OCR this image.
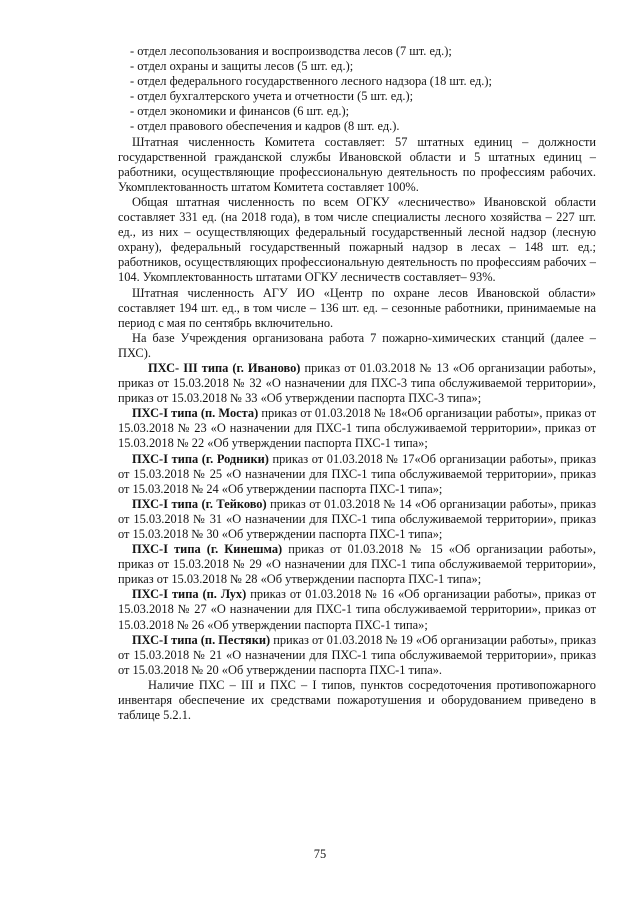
- отдел лесопользования и воспроизводства лесов (7 шт. ед.);

- отдел охраны и защиты лесов (5 шт. ед.);

- отдел федерального государственного лесного надзора (18 шт. ед.);

- отдел бухгалтерского учета и отчетности (5 шт. ед.);

- отдел экономики и финансов (6 шт. ед.);

- отдел правового обеспечения и кадров (8 шт. ед.).

Штатная численность Комитета составляет: 57 штатных единиц – должности государственной гражданской службы Ивановской области и 5 штатных единиц – работники, осуществляющие профессиональную деятельность по профессиям рабочих. Укомплектованность штатом Комитета составляет 100%.

Общая штатная численность по всем ОГКУ «лесничество» Ивановской области составляет 331 ед. (на 2018 года), в том числе специалисты лесного хозяйства – 227 шт. ед., из них – осуществляющих федеральный государственный лесной надзор (лесную охрану), федеральный государственный пожарный надзор в лесах – 148 шт. ед.; работников, осуществляющих профессиональную деятельность по профессиям рабочих – 104. Укомплектованность штатами ОГКУ лесничеств составляет– 93%.

Штатная численность АГУ ИО «Центр по охране лесов Ивановской области» составляет 194 шт. ед., в том числе – 136 шт. ед. – сезонные работники, принимаемые на период с мая по сентябрь включительно.

На базе Учреждения организована работа 7 пожарно-химических станций (далее – ПХС).

ПХС- III типа (г. Иваново) приказ от 01.03.2018 № 13 «Об организации работы», приказ от 15.03.2018 № 32 «О назначении для ПХС-3 типа обслуживаемой территории», приказ от 15.03.2018 № 33 «Об утверждении паспорта ПХС-3 типа»;

ПХС-I типа (п. Моста) приказ от 01.03.2018 № 18«Об организации работы», приказ от 15.03.2018 № 23 «О назначении для ПХС-1 типа обслуживаемой территории», приказ от 15.03.2018 № 22 «Об утверждении паспорта ПХС-1 типа»;

ПХС-I типа (г. Родники) приказ от 01.03.2018 № 17«Об организации работы», приказ от 15.03.2018 № 25 «О назначении для ПХС-1 типа обслуживаемой территории», приказ от 15.03.2018 № 24 «Об утверждении паспорта ПХС-1 типа»;

ПХС-I типа (г. Тейково) приказ от 01.03.2018 № 14 «Об организации работы», приказ от 15.03.2018 № 31 «О назначении для ПХС-1 типа обслуживаемой территории», приказ от 15.03.2018 № 30 «Об утверждении паспорта ПХС-1 типа»;

ПХС-I типа (г. Кинешма) приказ от 01.03.2018 № 15 «Об организации работы», приказ от 15.03.2018 № 29 «О назначении для ПХС-1 типа обслуживаемой территории», приказ от 15.03.2018 № 28 «Об утверждении паспорта ПХС-1 типа»;

ПХС-I типа (п. Лух) приказ от 01.03.2018 № 16 «Об организации работы», приказ от 15.03.2018 № 27 «О назначении для ПХС-1 типа обслуживаемой территории», приказ от 15.03.2018 № 26 «Об утверждении паспорта ПХС-1 типа»;

ПХС-I типа (п. Пестяки) приказ от 01.03.2018 № 19 «Об организации работы», приказ от 15.03.2018 № 21 «О назначении для ПХС-1 типа обслуживаемой территории», приказ от 15.03.2018 № 20 «Об утверждении паспорта ПХС-1 типа».

Наличие ПХС – III и ПХС – I типов, пунктов сосредоточения противопожарного инвентаря обеспечение их средствами пожаротушения и оборудованием приведено в таблице 5.2.1.

75
